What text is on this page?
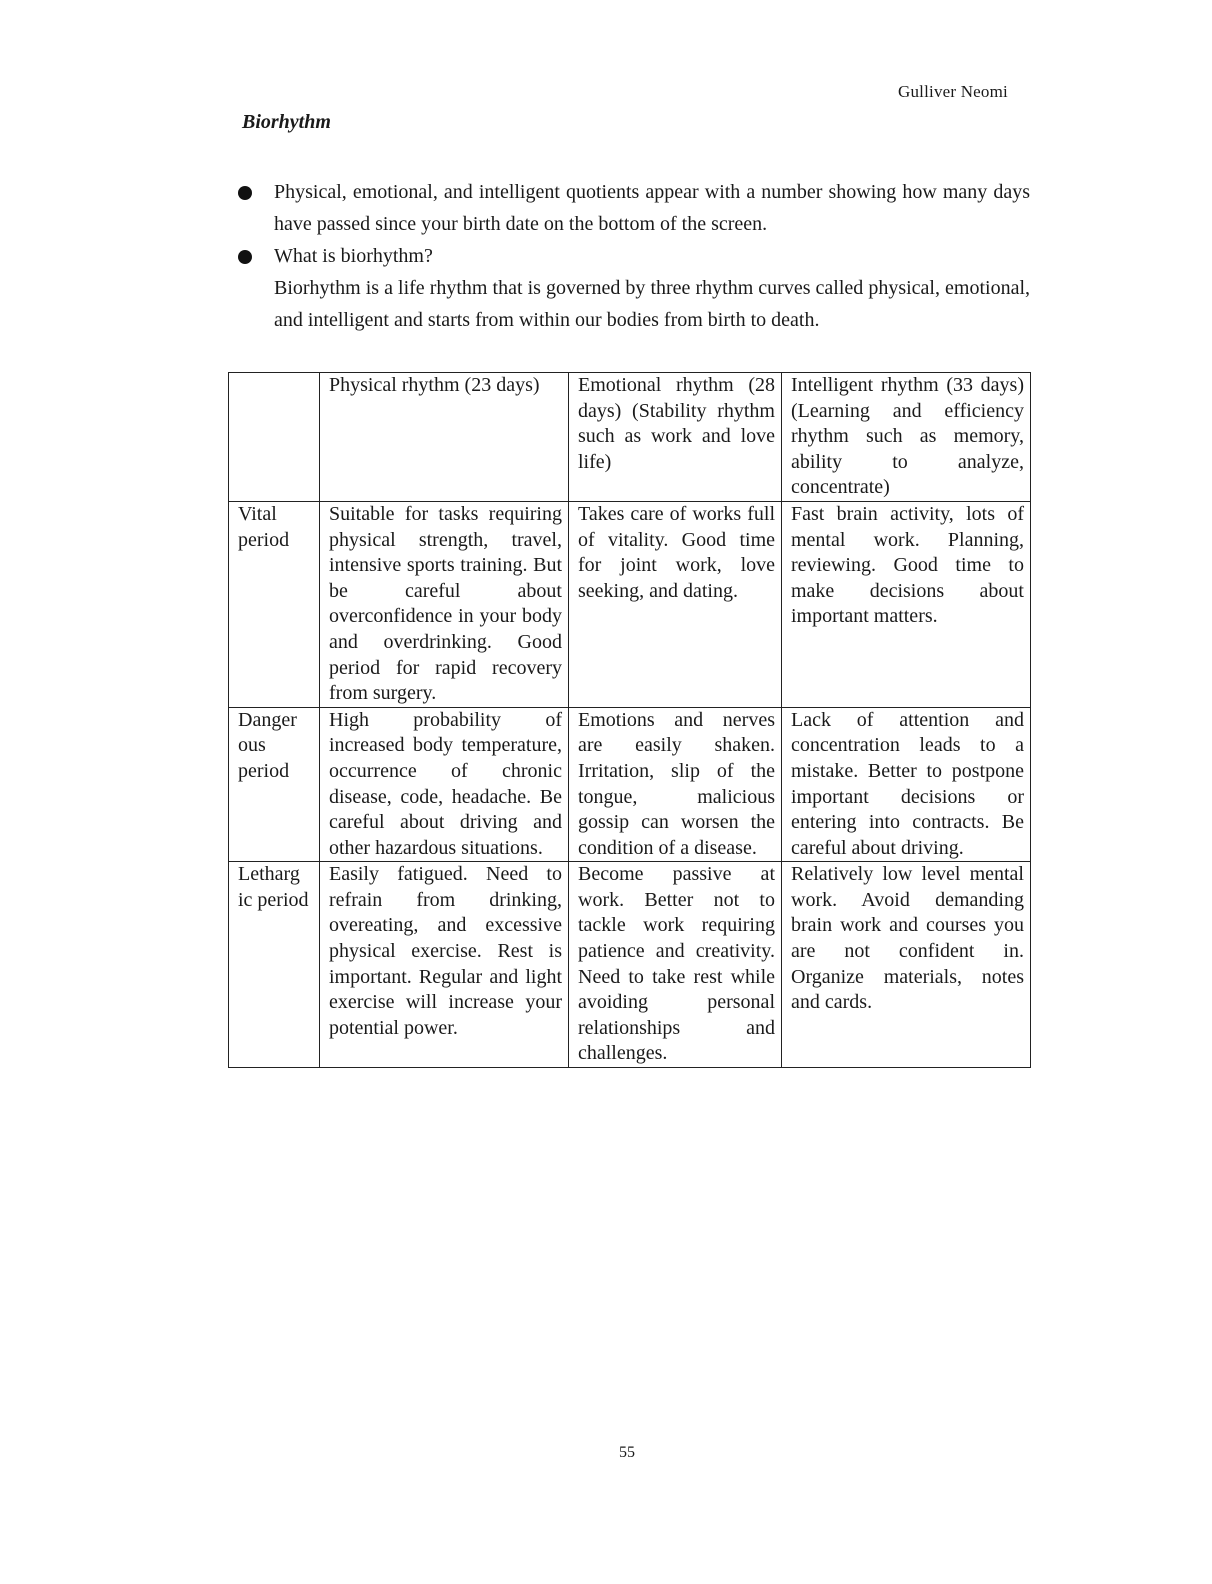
Gulliver Neomi
Biorhythm
Physical, emotional, and intelligent quotients appear with a number showing how many days have passed since your birth date on the bottom of the screen.
What is biorhythm?
Biorhythm is a life rhythm that is governed by three rhythm curves called physical, emotional, and intelligent and starts from within our bodies from birth to death.
	Physical rhythm (23 days)	Emotional rhythm (28 days) (Stability rhythm such as work and love life)	Intelligent rhythm (33 days) (Learning and efficiency rhythm such as memory, ability to analyze, concentrate)
Vital period	Suitable for tasks requiring physical strength, travel, intensive sports training. But be careful about overconfidence in your body and overdrinking. Good period for rapid recovery from surgery.	Takes care of works full of vitality. Good time for joint work, love seeking, and dating.	Fast brain activity, lots of mental work. Planning, reviewing. Good time to make decisions about important matters.
Danger ous period	High probability of increased body temperature, occurrence of chronic disease, code, headache. Be careful about driving and other hazardous situations.	Emotions and nerves are easily shaken. Irritation, slip of the tongue, malicious gossip can worsen the condition of a disease.	Lack of attention and concentration leads to a mistake. Better to postpone important decisions or entering into contracts. Be careful about driving.
Letharg ic period	Easily fatigued. Need to refrain from drinking, overeating, and excessive physical exercise. Rest is important. Regular and light exercise will increase your potential power.	Become passive at work. Better not to tackle work requiring patience and creativity. Need to take rest while avoiding personal relationships and challenges.	Relatively low level mental work. Avoid demanding brain work and courses you are not confident in. Organize materials, notes and cards.
55
